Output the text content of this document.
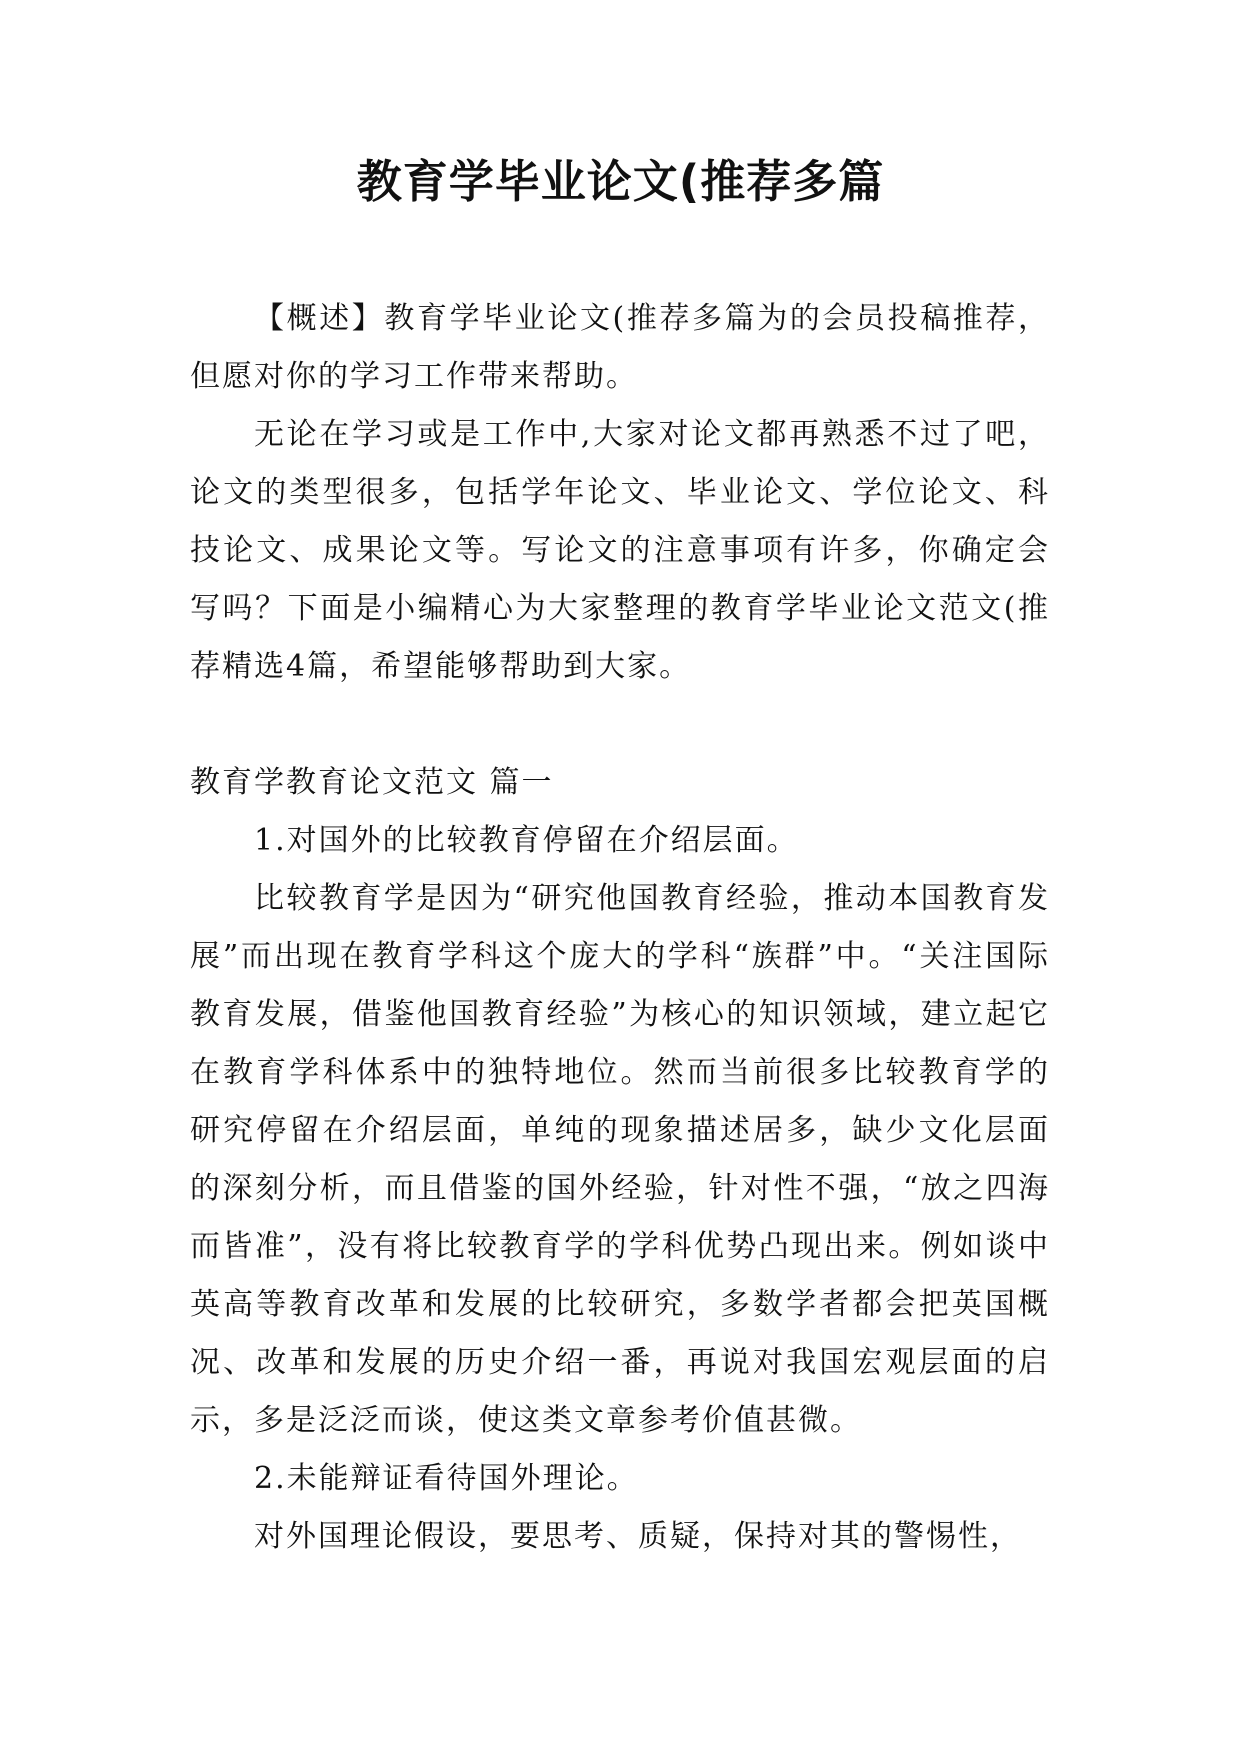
教育学毕业论文(推荐多篇

【概述】教育学毕业论文(推荐多篇为的会员投稿推荐，但愿对你的学习工作带来帮助。

无论在学习或是工作中,大家对论文都再熟悉不过了吧，论文的类型很多，包括学年论文、毕业论文、学位论文、科技论文、成果论文等。写论文的注意事项有许多，你确定会写吗？下面是小编精心为大家整理的教育学毕业论文范文(推荐精选4篇，希望能够帮助到大家。

教育学教育论文范文 篇一

1.对国外的比较教育停留在介绍层面。

比较教育学是因为“研究他国教育经验，推动本国教育发展”而出现在教育学科这个庞大的学科“族群”中。“关注国际教育发展，借鉴他国教育经验”为核心的知识领域，建立起它在教育学科体系中的独特地位。然而当前很多比较教育学的研究停留在介绍层面，单纯的现象描述居多，缺少文化层面的深刻分析，而且借鉴的国外经验，针对性不强，“放之四海而皆准”，没有将比较教育学的学科优势凸现出来。例如谈中英高等教育改革和发展的比较研究，多数学者都会把英国概况、改革和发展的历史介绍一番，再说对我国宏观层面的启示，多是泛泛而谈，使这类文章参考价值甚微。

2.未能辩证看待国外理论。

对外国理论假设，要思考、质疑，保持对其的警惕性，
